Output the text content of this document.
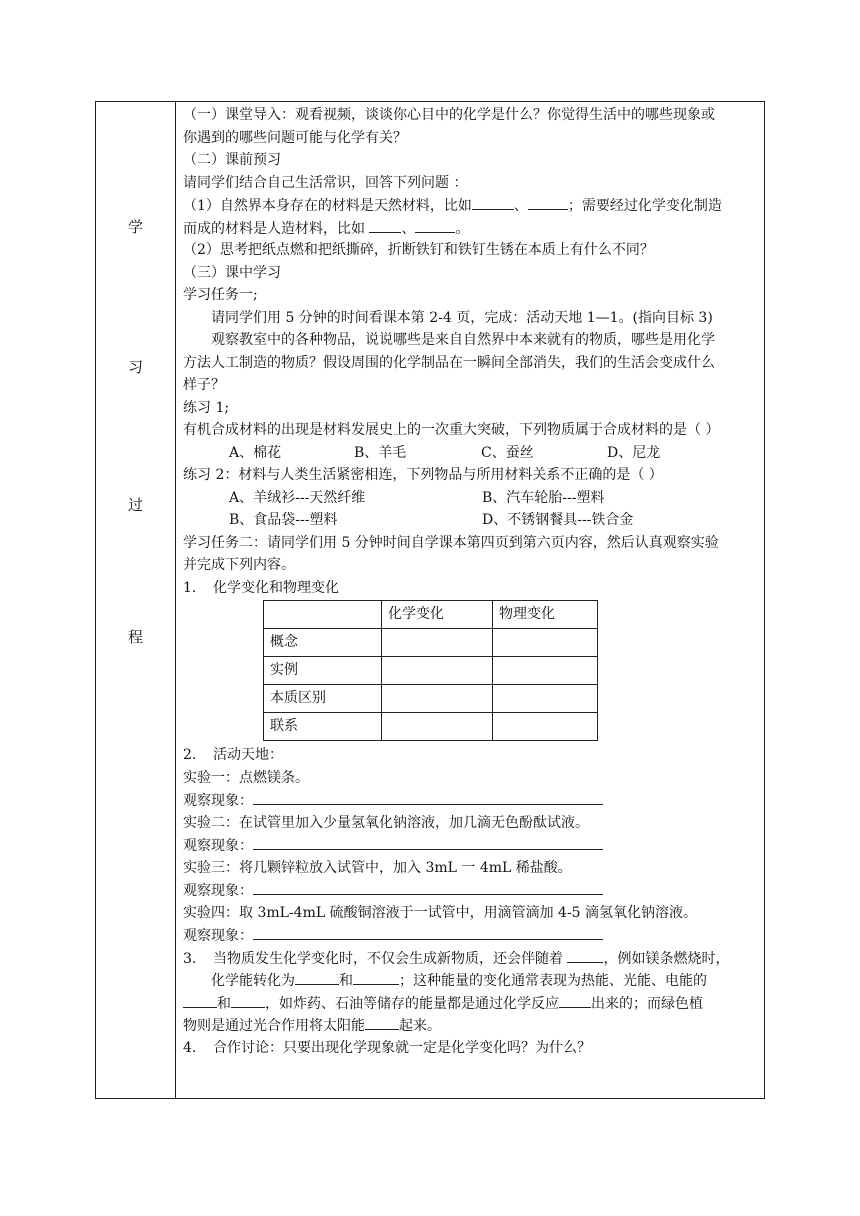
学
习
过
程
（一）课堂导入：观看视频，谈谈你心目中的化学是什么？你觉得生活中的哪些现象或
你遇到的哪些问题可能与化学有关？
（二）课前预习
请同学们结合自己生活常识，回答下列问题 ：
（1）自然界本身存在的材料是天然材料，比如	、	；需要经过化学变化制造
而成的材料是人造材料，比如 、	。
（2）思考把纸点燃和把纸撕碎，折断铁钉和铁钉生锈在本质上有什么不同？
（三）课中学习
学习任务一;
请同学们用 5 分钟的时间看课本第 2-4 页，完成：活动天地 1—1。(指向目标 3)
观察教室中的各种物品，说说哪些是来自自然界中本来就有的物质，哪些是用化学
方法人工制造的物质？假设周围的化学制品在一瞬间全部消失，我们的生活会变成什么
样子？
练习 1;
有机合成材料的出现是材料发展史上的一次重大突破，下列物质属于合成材料的是（ ）
A、棉花	B、羊毛	C、蚕丝	D、尼龙
练习 2：材料与人类生活紧密相连，下列物品与所用材料关系不正确的是（ ）
A、羊绒衫---天然纤维	B、汽车轮胎---塑料
B、食品袋---塑料	D、不锈钢餐具---铁合金
学习任务二：请同学们用 5 分钟时间自学课本第四页到第六页内容，然后认真观察实验
并完成下列内容。
1. 化学变化和物理变化
	化学变化	物理变化
概念		
实例		
本质区别		
联系		
2. 活动天地：
实验一：点燃镁条。
观察现象：
实验二：在试管里加入少量氢氧化钠溶液，加几滴无色酚酞试液。
观察现象：
实验三：将几颗锌粒放入试管中，加入 3mL 一 4mL 稀盐酸。
观察现象：
实验四：取 3mL-4mL 硫酸铜溶液于一试管中，用滴管滴加 4-5 滴氢氧化钠溶液。
观察现象：
3. 当物质发生化学变化时，不仅会生成新物质，还会伴随着	，例如镁条燃烧时，
化学能转化为	和	；这种能量的变化通常表现为热能、光能、电能的
和 ，如炸药、石油等储存的能量都是通过化学反应 出来的；而绿色植
物则是通过光合作用将太阳能 起来。
4. 合作讨论：只要出现化学现象就一定是化学变化吗？为什么？
